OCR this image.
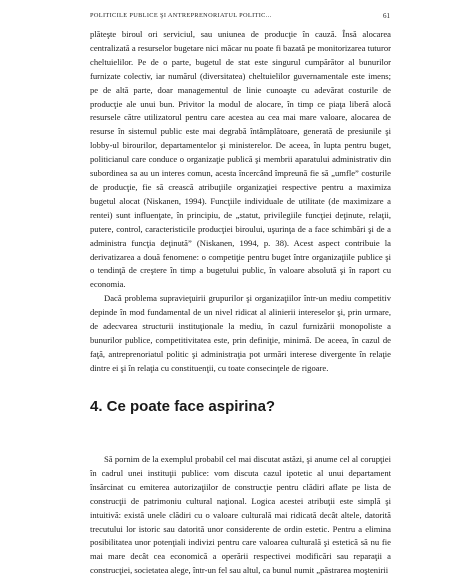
POLITICILE PUBLICE ŞI ANTREPRENORIATUL POLITIC...	61

plăteşte biroul ori serviciul, sau uniunea de producţie în cauză. Însă alocarea centralizată a resurselor bugetare nici măcar nu poate fi bazată pe monitorizarea tuturor cheltuielilor. Pe de o parte, bugetul de stat este singurul cumpărător al bunurilor furnizate colectiv, iar numărul (diversitatea) cheltuielilor guvernamentale este imens; pe de altă parte, doar managementul de linie cunoaşte cu adevărat costurile de producţie ale unui bun. Privitor la modul de alocare, în timp ce piaţa liberă alocă resursele către utilizatorul pentru care acestea au cea mai mare valoare, alocarea de resurse în sistemul public este mai degrabă întâmplătoare, generată de presiunile şi lobby-ul birourilor, departamentelor şi ministerelor. De aceea, în lupta pentru buget, politicianul care conduce o organizaţie publică şi membrii aparatului administrativ din subordinea sa au un interes comun, acesta încercând împreună fie să „umfle” costurile de producţie, fie să crească atribuţiile organizaţiei respective pentru a maximiza bugetul alocat (Niskanen, 1994). Funcţiile individuale de utilitate (de maximizare a rentei) sunt influenţate, în principiu, de „statut, privilegiile funcţiei deţinute, relaţii, putere, control, caracteristicile producţiei biroului, uşurinţa de a face schimbări şi de a administra funcţia deţinută” (Niskanen, 1994, p. 38). Acest aspect contribuie la derivatizarea a două fenomene: o competiţie pentru buget între organizaţiile publice şi o tendinţă de creştere în timp a bugetului public, în valoare absolută şi în raport cu economia.

Dacă problema supravieţuirii grupurilor şi organizaţiilor într-un mediu competitiv depinde în mod fundamental de un nivel ridicat al alinierii intereselor şi, prin urmare, de adecvarea structurii instituţionale la mediu, în cazul furnizării monopoliste a bunurilor publice, competitivitatea este, prin definiţie, minimă. De aceea, în cazul de faţă, antreprenoriatul politic şi administraţia pot urmări interese divergente în relaţie dintre ei şi în relaţia cu constituenţii, cu toate consecinţele de rigoare.

4. Ce poate face aspirina?

Să pornim de la exemplul probabil cel mai discutat astăzi, şi anume cel al corupţiei în cadrul unei instituţii publice: vom discuta cazul ipotetic al unui departament însărcinat cu emiterea autorizaţiilor de construcţie pentru clădiri aflate pe lista de construcţii de patrimoniu cultural naţional. Logica acestei atribuţii este simplă şi intuitivă: există unele clădiri cu o valoare culturală mai ridicată decât altele, datorită trecutului lor istoric sau datorită unor considerente de ordin estetic. Pentru a elimina posibilitatea unor potenţiali indivizi pentru care valoarea culturală şi estetică să nu fie mai mare decât cea economică a operării respectivei modificări sau reparaţii a construcţiei, societatea alege, într-un fel sau altul, ca bunul numit „păstrarea moştenirii
